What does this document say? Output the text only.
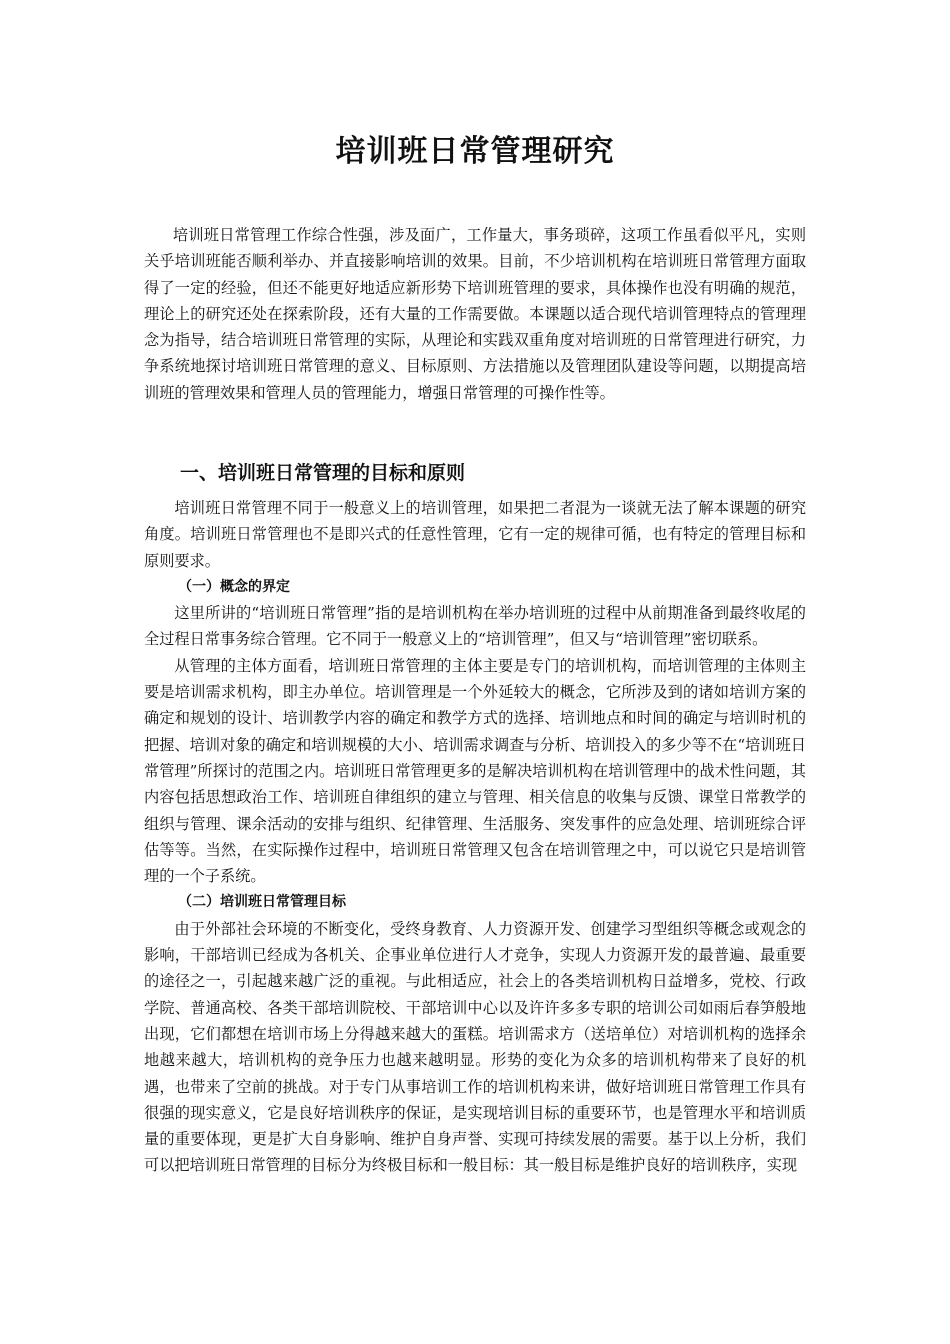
培训班日常管理研究

培训班日常管理工作综合性强，涉及面广，工作量大，事务琐碎，这项工作虽看似平凡，实则关乎培训班能否顺利举办、并直接影响培训的效果。目前，不少培训机构在培训班日常管理方面取得了一定的经验，但还不能更好地适应新形势下培训班管理的要求，具体操作也没有明确的规范，理论上的研究还处在探索阶段，还有大量的工作需要做。本课题以适合现代培训管理特点的管理理念为指导，结合培训班日常管理的实际，从理论和实践双重角度对培训班的日常管理进行研究，力争系统地探讨培训班日常管理的意义、目标原则、方法措施以及管理团队建设等问题，以期提高培训班的管理效果和管理人员的管理能力，增强日常管理的可操作性等。

一、培训班日常管理的目标和原则

培训班日常管理不同于一般意义上的培训管理，如果把二者混为一谈就无法了解本课题的研究角度。培训班日常管理也不是即兴式的任意性管理，它有一定的规律可循，也有特定的管理目标和原则要求。

（一）概念的界定

这里所讲的“培训班日常管理”指的是培训机构在举办培训班的过程中从前期准备到最终收尾的全过程日常事务综合管理。它不同于一般意义上的“培训管理”，但又与“培训管理”密切联系。

从管理的主体方面看，培训班日常管理的主体主要是专门的培训机构，而培训管理的主体则主要是培训需求机构，即主办单位。培训管理是一个外延较大的概念，它所涉及到的诸如培训方案的确定和规划的设计、培训教学内容的确定和教学方式的选择、培训地点和时间的确定与培训时机的把握、培训对象的确定和培训规模的大小、培训需求调查与分析、培训投入的多少等不在“培训班日常管理”所探讨的范围之内。培训班日常管理更多的是解决培训机构在培训管理中的战术性问题，其内容包括思想政治工作、培训班自律组织的建立与管理、相关信息的收集与反馈、课堂日常教学的组织与管理、课余活动的安排与组织、纪律管理、生活服务、突发事件的应急处理、培训班综合评估等等。当然，在实际操作过程中，培训班日常管理又包含在培训管理之中，可以说它只是培训管理的一个子系统。

（二）培训班日常管理目标

由于外部社会环境的不断变化，受终身教育、人力资源开发、创建学习型组织等概念或观念的影响，干部培训已经成为各机关、企事业单位进行人才竞争，实现人力资源开发的最普遍、最重要的途径之一，引起越来越广泛的重视。与此相适应，社会上的各类培训机构日益增多，党校、行政学院、普通高校、各类干部培训院校、干部培训中心以及许许多多专职的培训公司如雨后春笋般地出现，它们都想在培训市场上分得越来越大的蛋糕。培训需求方（送培单位）对培训机构的选择余地越来越大，培训机构的竞争压力也越来越明显。形势的变化为众多的培训机构带来了良好的机遇，也带来了空前的挑战。对于专门从事培训工作的培训机构来讲，做好培训班日常管理工作具有很强的现实意义，它是良好培训秩序的保证，是实现培训目标的重要环节，也是管理水平和培训质量的重要体现，更是扩大自身影响、维护自身声誉、实现可持续发展的需要。基于以上分析，我们可以把培训班日常管理的目标分为终极目标和一般目标：其一般目标是维护良好的培训秩序，实现
